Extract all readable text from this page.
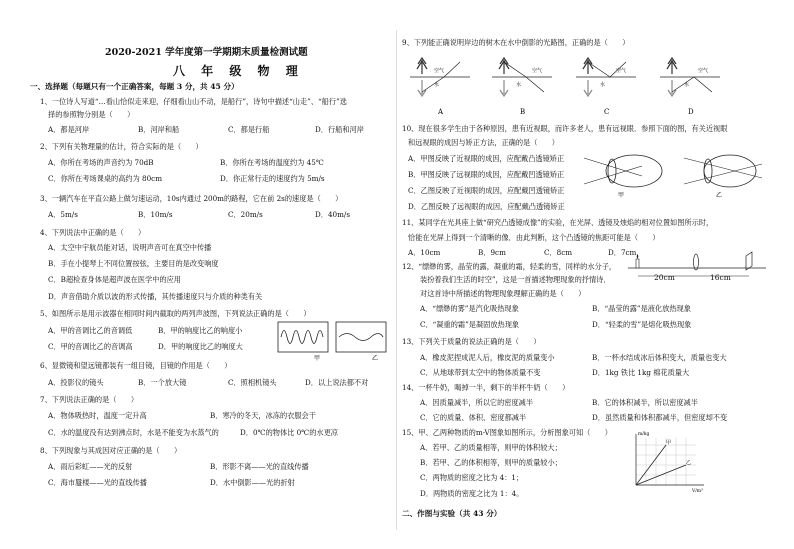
2020-2021 学年度第一学期期末质量检测试题
八 年 级 物 理
一、选择题（每题只有一个正确答案，每题 3 分，共 45 分）
1、一位诗人写道“…看山恰似走来迎，仔细看山山不动，是船行”，诗句中描述“山走”、“船行”选
择的参照物分别是（　　）
A．都是河岸	B．河岸和船	C．都是行船	D．行船和河岸
2、下列有关物理量的估计，符合实际的是（　　）
A．你所在考场的声音约为 70dB	B．你所在考场的温度约为 45℃
C．你所在考场课桌的高约为 80cm	D．你正常行走的速度约为 5m/s
3、一辆汽车在平直公路上做匀速运动，10s内通过 200m的路程，它在前 2s的速度是（　　）
A．5m/s	B．10m/s	C．20m/s	D．40m/s
4、下列说法中正确的是（　　）
A．太空中宇航员能对话，说明声音可在真空中传播
B．手在小提琴上不同位置按弦，主要目的是改变响度
C．B超检查身体是超声波在医学中的应用
D．声音借助介质以波的形式传播，其传播速度只与介质的种类有关
5、如图所示是用示波器在相同时间内截取的两列声波图，下列说法正确的是（　　）
A．甲的音调比乙的音调低	B．甲的响度比乙的响度小
C．甲的音调比乙的音调高	D．甲的响度比乙的响度大
甲	乙
6、显微镜和望远镜都装有一组目镜，目镜的作用是（　　）
A．投影仪的镜头	B．一个放大镜	C．照相机镜头	D．以上说法都不对
7、下列说法正确的是（　　）
A．物体吸热时，温度一定升高	B．寒冷的冬天，冰冻的衣服会干
C．水的温度没有达到沸点时，水是不能变为水蒸气的	D．0℃的物体比 0℃的水更凉
8、下列现象与其成因对应正确的是（　　）
A．雨后彩虹——光的反射	B．形影不离——光的直线传播
C．海市蜃楼——光的直线传播	D．水中倒影——光的折射
9、下列能正确说明岸边的树木在水中倒影的光路图，正确的是（　　）
空气
水
A
空气
水
B
空气
水
C
空气
水
D
10、现在很多学生由于各种原因，患有近视眼，而许多老人，患有远视眼．参照下面的图，有关近视眼
和远视眼的成因与矫正方法，正确的是（　　）
A．甲图反映了近视眼的成因，应配戴凸透镜矫正
B．甲图反映了远视眼的成因，应配戴凹透镜矫正
C．乙图反映了近视眼的成因，应配戴凹透镜矫正
D．乙图反映了远视眼的成因，应配戴凸透镜矫正
甲	乙
11、某同学在光具座上做“研究凸透镜成像”的实验，在光屏、透镜及烛焰的相对位置如图所示时，
恰能在光屏上得到一个清晰的像．由此判断，这个凸透镜的焦距可能是（　　）
A．10cm	B．9cm	C．8cm	D．7cm
12、“缥缈的雾，晶莹的露，凝重的霜，轻柔的雪，同样的水分子，
装扮着我们生活的时空”，这是一首描述物理现象的抒情诗．
对这首诗中所描述的物理现象理解正确的是（　　）
A．“缥缈的雾”是汽化吸热现象	B．“晶莹的露”是液化放热现象
C．“凝重的霜”是凝固放热现象	D．“轻柔的雪”是熔化吸热现象
20cm	16cm
13、下列关于质量的说法正确的是（　　）
A．橡皮泥捏成泥人后，橡皮泥的质量变小	B．一杯水结成冰后体积变大，质量也变大
C．从地球带到太空中的物体质量不变	D．1kg 铁比 1kg 棉花质量大
14、一杯牛奶，喝掉一半，剩下的半杯牛奶（　　）
A．因质量减半，所以它的密度减半	B．它的体积减半，所以密度减半
C．它的质量、体积、密度都减半	D．虽然质量和体积都减半，但密度却不变
15、甲、乙两种物质的m-V图象如图所示，分析图象可知（　　）
A．若甲、乙的质量相等，则甲的体积较大；
B．若甲、乙的体积相等，则甲的质量较小；
C．两物质的密度之比为 4：1；
D．两物质的密度之比为 1：4。
甲
乙
m/kg
V/m³
二、作图与实验（共 43 分）
